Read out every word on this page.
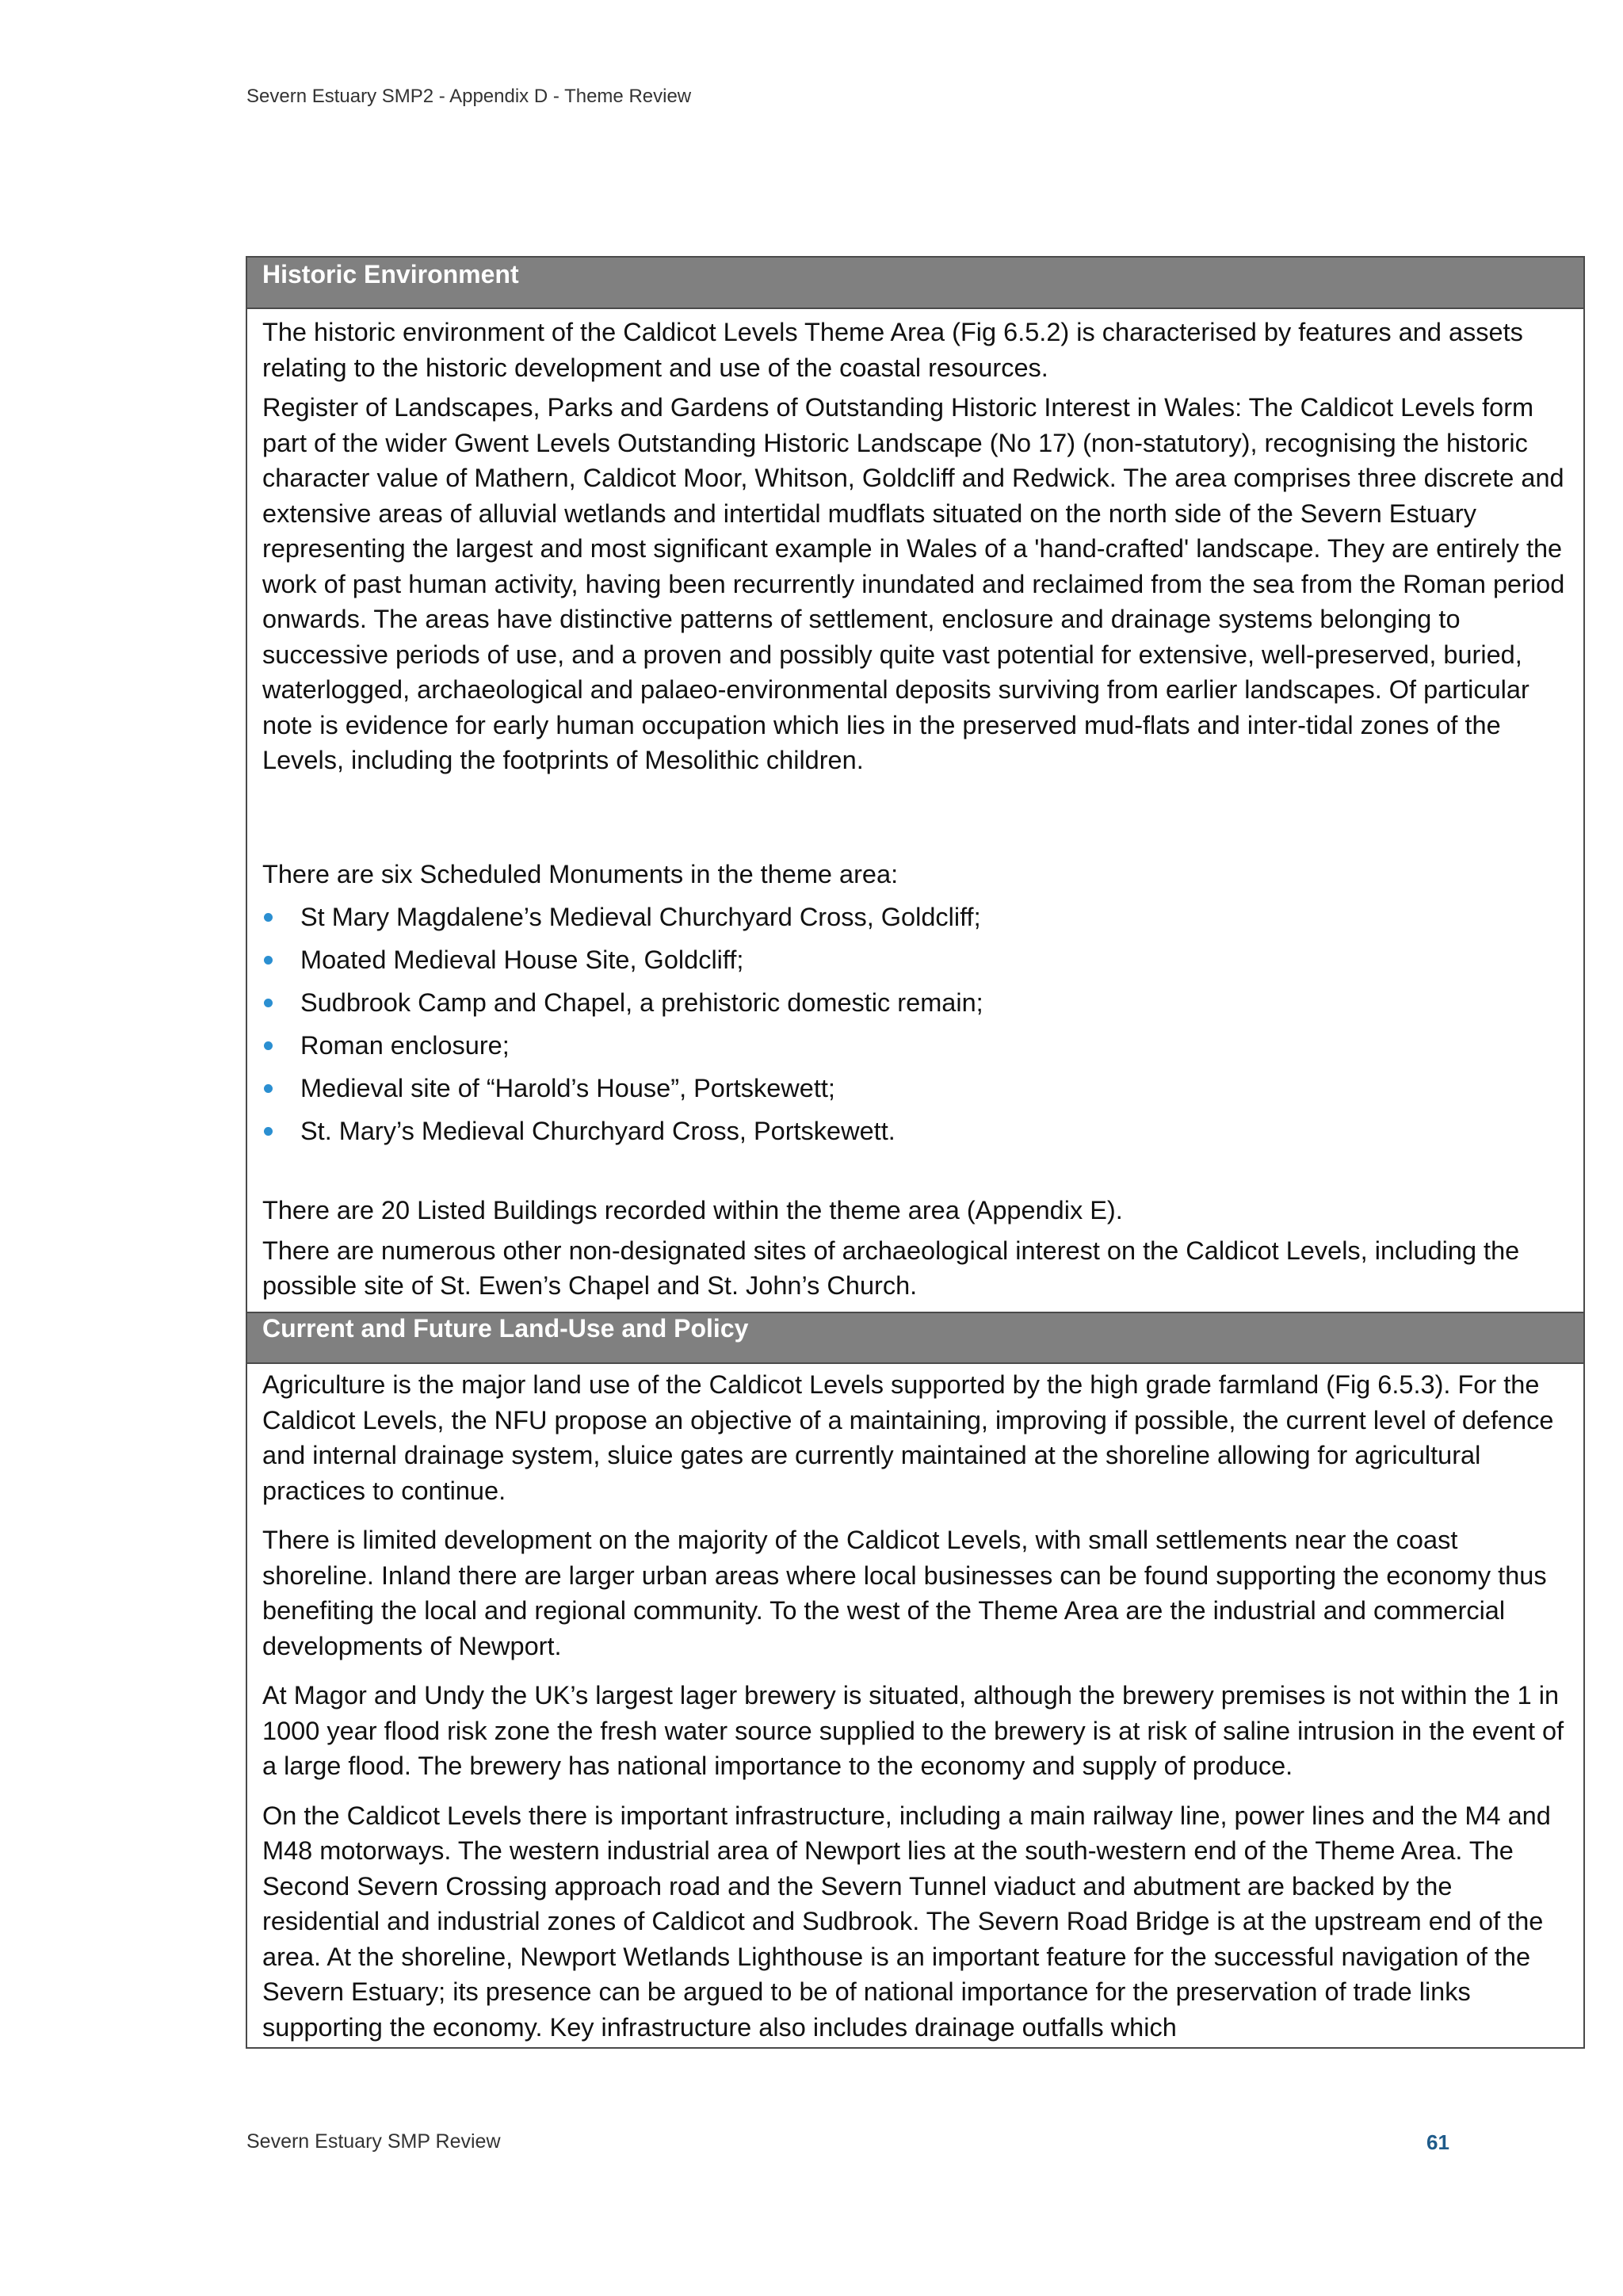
Severn Estuary SMP2 - Appendix D - Theme Review
Historic Environment

The historic environment of the Caldicot Levels Theme Area (Fig 6.5.2) is characterised by features and assets relating to the historic development and use of the coastal resources.

Register of Landscapes, Parks and Gardens of Outstanding Historic Interest in Wales: The Caldicot Levels form part of the wider Gwent Levels Outstanding Historic Landscape (No 17) (non-statutory), recognising the historic character value of Mathern, Caldicot Moor, Whitson, Goldcliff and Redwick. The area comprises three discrete and extensive areas of alluvial wetlands and intertidal mudflats situated on the north side of the Severn Estuary representing the largest and most significant example in Wales of a 'hand-crafted' landscape. They are entirely the work of past human activity, having been recurrently inundated and reclaimed from the sea from the Roman period onwards. The areas have distinctive patterns of settlement, enclosure and drainage systems belonging to successive periods of use, and a proven and possibly quite vast potential for extensive, well-preserved, buried, waterlogged, archaeological and palaeo-environmental deposits surviving from earlier landscapes. Of particular note is evidence for early human occupation which lies in the preserved mud-flats and inter-tidal zones of the Levels, including the footprints of Mesolithic children.

There are six Scheduled Monuments in the theme area:
St Mary Magdalene’s Medieval Churchyard Cross, Goldcliff;
Moated Medieval House Site, Goldcliff;
Sudbrook Camp and Chapel, a prehistoric domestic remain;
Roman enclosure;
Medieval site of “Harold’s House”, Portskewett;
St. Mary’s Medieval Churchyard Cross, Portskewett.

There are 20 Listed Buildings recorded within the theme area (Appendix E).

There are numerous other non-designated sites of archaeological interest on the Caldicot Levels, including the possible site of St. Ewen’s Chapel and St. John’s Church.

Current and Future Land-Use and Policy

Agriculture is the major land use of the Caldicot Levels supported by the high grade farmland (Fig 6.5.3). For the Caldicot Levels, the NFU propose an objective of a maintaining, improving if possible, the current level of defence and internal drainage system, sluice gates are currently maintained at the shoreline allowing for agricultural practices to continue.

There is limited development on the majority of the Caldicot Levels, with small settlements near the coast shoreline. Inland there are larger urban areas where local businesses can be found supporting the economy thus benefiting the local and regional community. To the west of the Theme Area are the industrial and commercial developments of Newport.

At Magor and Undy the UK’s largest lager brewery is situated, although the brewery premises is not within the 1 in 1000 year flood risk zone the fresh water source supplied to the brewery is at risk of saline intrusion in the event of a large flood. The brewery has national importance to the economy and supply of produce.

On the Caldicot Levels there is important infrastructure, including a main railway line, power lines and the M4 and M48 motorways. The western industrial area of Newport lies at the south-western end of the Theme Area. The Second Severn Crossing approach road and the Severn Tunnel viaduct and abutment are backed by the residential and industrial zones of Caldicot and Sudbrook. The Severn Road Bridge is at the upstream end of the area. At the shoreline, Newport Wetlands Lighthouse is an important feature for the successful navigation of the Severn Estuary; its presence can be argued to be of national importance for the preservation of trade links supporting the economy. Key infrastructure also includes drainage outfalls which

Severn Estuary SMP Review	61
